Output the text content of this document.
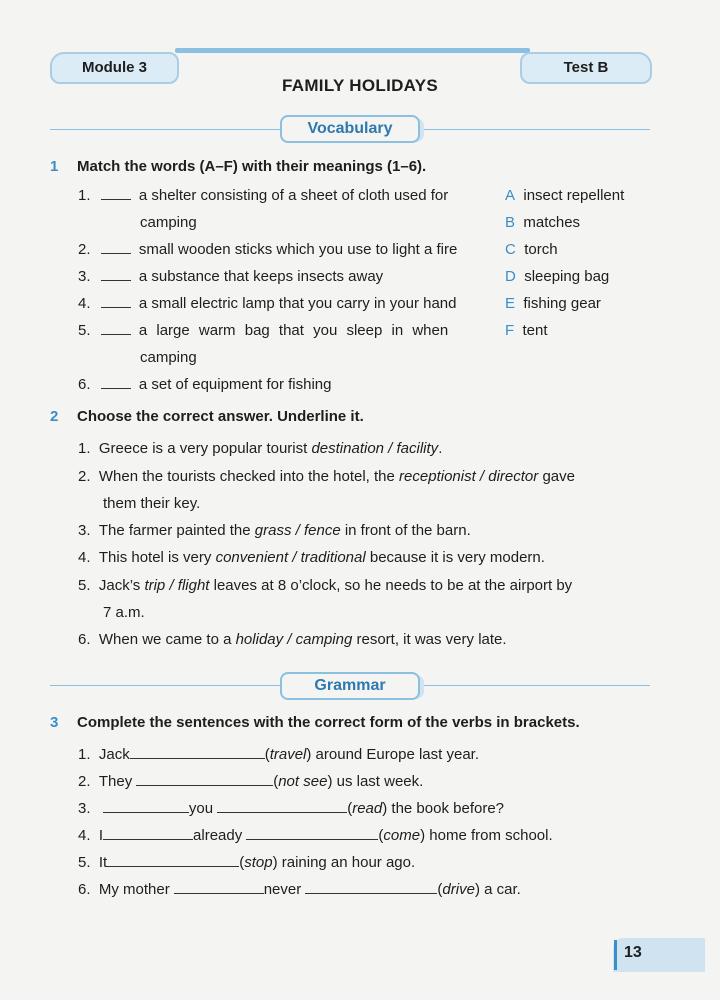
Module 3	Test B
FAMILY HOLIDAYS
Vocabulary
1 Match the words (A–F) with their meanings (1–6).
1.	a shelter consisting of a sheet of cloth used for
camping
2.	small wooden sticks which you use to light a fire
3.	a substance that keeps insects away
4.	a small electric lamp that you carry in your hand
5.	a large warm bag that you sleep in when
camping
6.	a set of equipment for fishing
A insect repellent
B matches
C torch
D sleeping bag
E fishing gear
F tent
2 Choose the correct answer. Underline it.
1. Greece is a very popular tourist destination / facility.
2. When the tourists checked into the hotel, the receptionist / director gave
them their key.
3. The farmer painted the grass / fence in front of the barn.
4. This hotel is very convenient / traditional because it is very modern.
5. Jack’s trip / flight leaves at 8 o’clock, so he needs to be at the airport by
7 a.m.
6. When we came to a holiday / camping resort, it was very late.
Grammar
3 Complete the sentences with the correct form of the verbs in brackets.
1. Jack	(travel) around Europe last year.
2. They	(not see) us last week.
3.	you	(read) the book before?
4. I	already	(come) home from school.
5. It	(stop) raining an hour ago.
6. My mother	never	(drive) a car.
13
